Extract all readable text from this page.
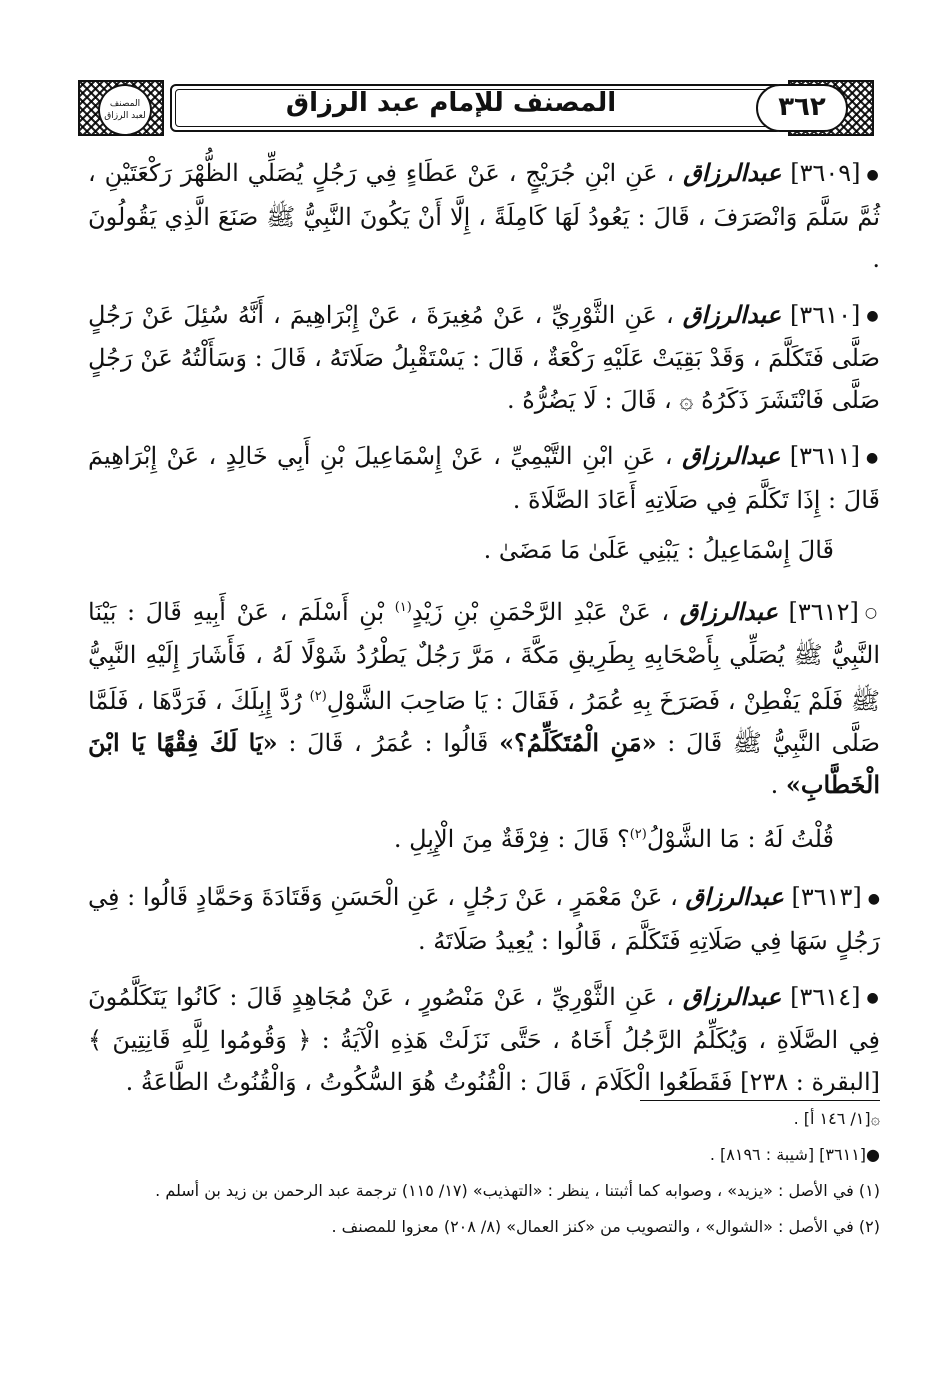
المصنف
لعبد الرزاق	المصنف للإمام عبد الرزاق	٣٦٢

●[٣٦٠٩] عبدالرزاق ، عَنِ ابْنِ جُرَيْجٍ ، عَنْ عَطَاءٍ فِي رَجُلٍ يُصَلِّي الظُّهْرَ رَكْعَتَيْنِ ، ثُمَّ سَلَّمَ وَانْصَرَفَ ، قَالَ : يَعُودُ لَهَا كَامِلَةً ، إِلَّا أَنْ يَكُونَ النَّبِيُّ ﷺ صَنَعَ الَّذِي يَقُولُونَ .

●[٣٦١٠] عبدالرزاق ، عَنِ الثَّوْرِيِّ ، عَنْ مُغِيرَةَ ، عَنْ إِبْرَاهِيمَ ، أَنَّهُ سُئِلَ عَنْ رَجُلٍ صَلَّى فَتَكَلَّمَ ، وَقَدْ بَقِيَتْ عَلَيْهِ رَكْعَةٌ ، قَالَ : يَسْتَقْبِلُ صَلَاتَهُ ، قَالَ : وَسَأَلْتُهُ عَنْ رَجُلٍ صَلَّى فَانْتَشَرَ ذَكَرُهُ ۞ ، قَالَ : لَا يَضُرُّهُ .

●[٣٦١١] عبدالرزاق ، عَنِ ابْنِ التَّيْمِيِّ ، عَنْ إِسْمَاعِيلَ بْنِ أَبِي خَالِدٍ ، عَنْ إِبْرَاهِيمَ قَالَ : إِذَا تَكَلَّمَ فِي صَلَاتِهِ أَعَادَ الصَّلَاةَ .

قَالَ إِسْمَاعِيلُ : يَبْنِي عَلَىٰ مَا مَضَىٰ .

○[٣٦١٢] عبدالرزاق ، عَنْ عَبْدِ الرَّحْمَنِ بْنِ زَيْدٍ$^{(١)}$ بْنِ أَسْلَمَ ، عَنْ أَبِيهِ قَالَ : بَيْنَا النَّبِيُّ ﷺ يُصَلِّي بِأَصْحَابِهِ بِطَرِيقِ مَكَّةَ ، مَرَّ رَجُلٌ يَطْرُدُ شَوْلًا لَهُ ، فَأَشَارَ إِلَيْهِ النَّبِيُّ ﷺ فَلَمْ يَفْطِنْ ، فَصَرَخَ بِهِ عُمَرُ ، فَقَالَ : يَا صَاحِبَ الشَّوْلِ$^{(٢)}$ رُدَّ إِبِلَكَ ، فَرَدَّهَا ، فَلَمَّا صَلَّى النَّبِيُّ ﷺ قَالَ : «مَنِ الْمُتَكَلِّمُ؟» قَالُوا : عُمَرُ ، قَالَ : «يَا لَكَ فِقْهًا يَا ابْنَ الْخَطَّابِ» .

قُلْتُ لَهُ : مَا الشَّوْلُ$^{(٢)}$؟ قَالَ : فِرْقَةٌ مِنَ الْإِبِلِ .

●[٣٦١٣] عبدالرزاق ، عَنْ مَعْمَرٍ ، عَنْ رَجُلٍ ، عَنِ الْحَسَنِ وَقَتَادَةَ وَحَمَّادٍ قَالُوا : فِي رَجُلٍ سَهَا فِي صَلَاتِهِ فَتَكَلَّمَ ، قَالُوا : يُعِيدُ صَلَاتَهُ .

●[٣٦١٤] عبدالرزاق ، عَنِ الثَّوْرِيِّ ، عَنْ مَنْصُورٍ ، عَنْ مُجَاهِدٍ قَالَ : كَانُوا يَتَكَلَّمُونَ فِي الصَّلَاةِ ، وَيُكَلِّمُ الرَّجُلُ أَخَاهُ ، حَتَّى نَزَلَتْ هَذِهِ الْآيَةُ : ﴿ وَقُومُوا لِلَّهِ قَانِتِينَ ﴾ [البقرة : ٢٣٨] فَقَطَعُوا الْكَلَامَ ، قَالَ : الْقُنُوتُ هُوَ السُّكُوتُ ، وَالْقُنُوتُ الطَّاعَةُ .

۞[١/ ١٤٦ أ] .

●[٣٦١١] [شيبة : ٨١٩٦] .

(١) في الأصل : «يزيد» ، وصوابه كما أثبتنا ، ينظر : «التهذيب» (١٧/ ١١٥) ترجمة عبد الرحمن بن زيد بن أسلم .

(٢) في الأصل : «الشوال» ، والتصويب من «كنز العمال» (٨/ ٢٠٨) معزوا للمصنف .
